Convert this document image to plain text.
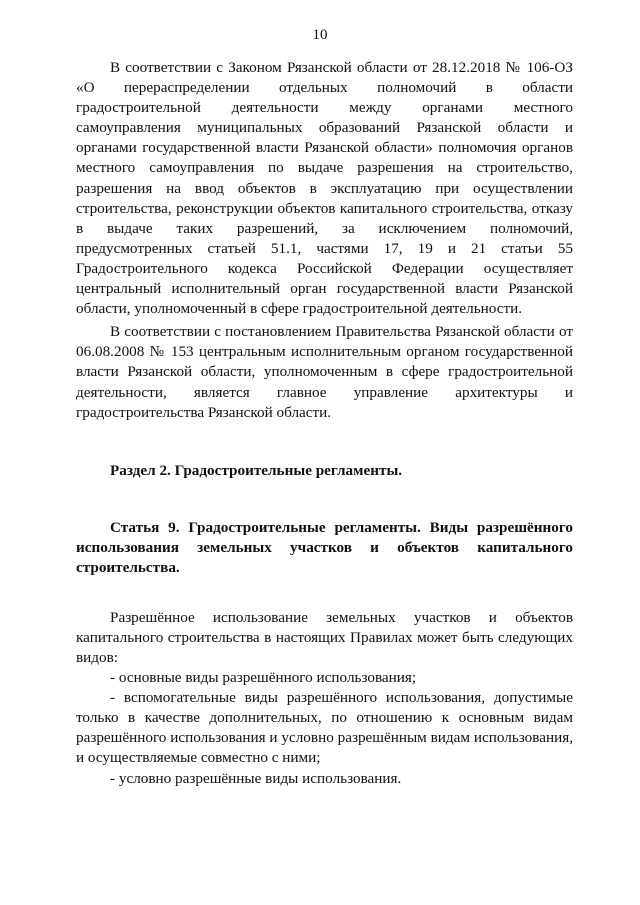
10

В соответствии с Законом Рязанской области от 28.12.2018 № 106-ОЗ «О перераспределении отдельных полномочий в области градостроительной деятельности между органами местного самоуправления муниципальных образований Рязанской области и органами государственной власти Рязанской области» полномочия органов местного самоуправления по выдаче разрешения на строительство, разрешения на ввод объектов в эксплуатацию при осуществлении строительства, реконструкции объектов капитального строительства, отказу в выдаче таких разрешений, за исключением полномочий, предусмотренных статьей 51.1, частями 17, 19 и 21 статьи 55 Градостроительного кодекса Российской Федерации осуществляет центральный исполнительный орган государственной власти Рязанской области, уполномоченный в сфере градостроительной деятельности.

В соответствии с постановлением Правительства Рязанской области от 06.08.2008 № 153 центральным исполнительным органом государственной власти Рязанской области, уполномоченным в сфере градостроительной деятельности, является главное управление архитектуры и градостроительства Рязанской области.

Раздел 2. Градостроительные регламенты.

Статья 9. Градостроительные регламенты. Виды разрешённого использования земельных участков и объектов капитального строительства.

Разрешённое использование земельных участков и объектов капитального строительства в настоящих Правилах может быть следующих видов:

- основные виды разрешённого использования;

- вспомогательные виды разрешённого использования, допустимые только в качестве дополнительных, по отношению к основным видам разрешённого использования и условно разрешённым видам использования, и осуществляемые совместно с ними;

- условно разрешённые виды использования.
